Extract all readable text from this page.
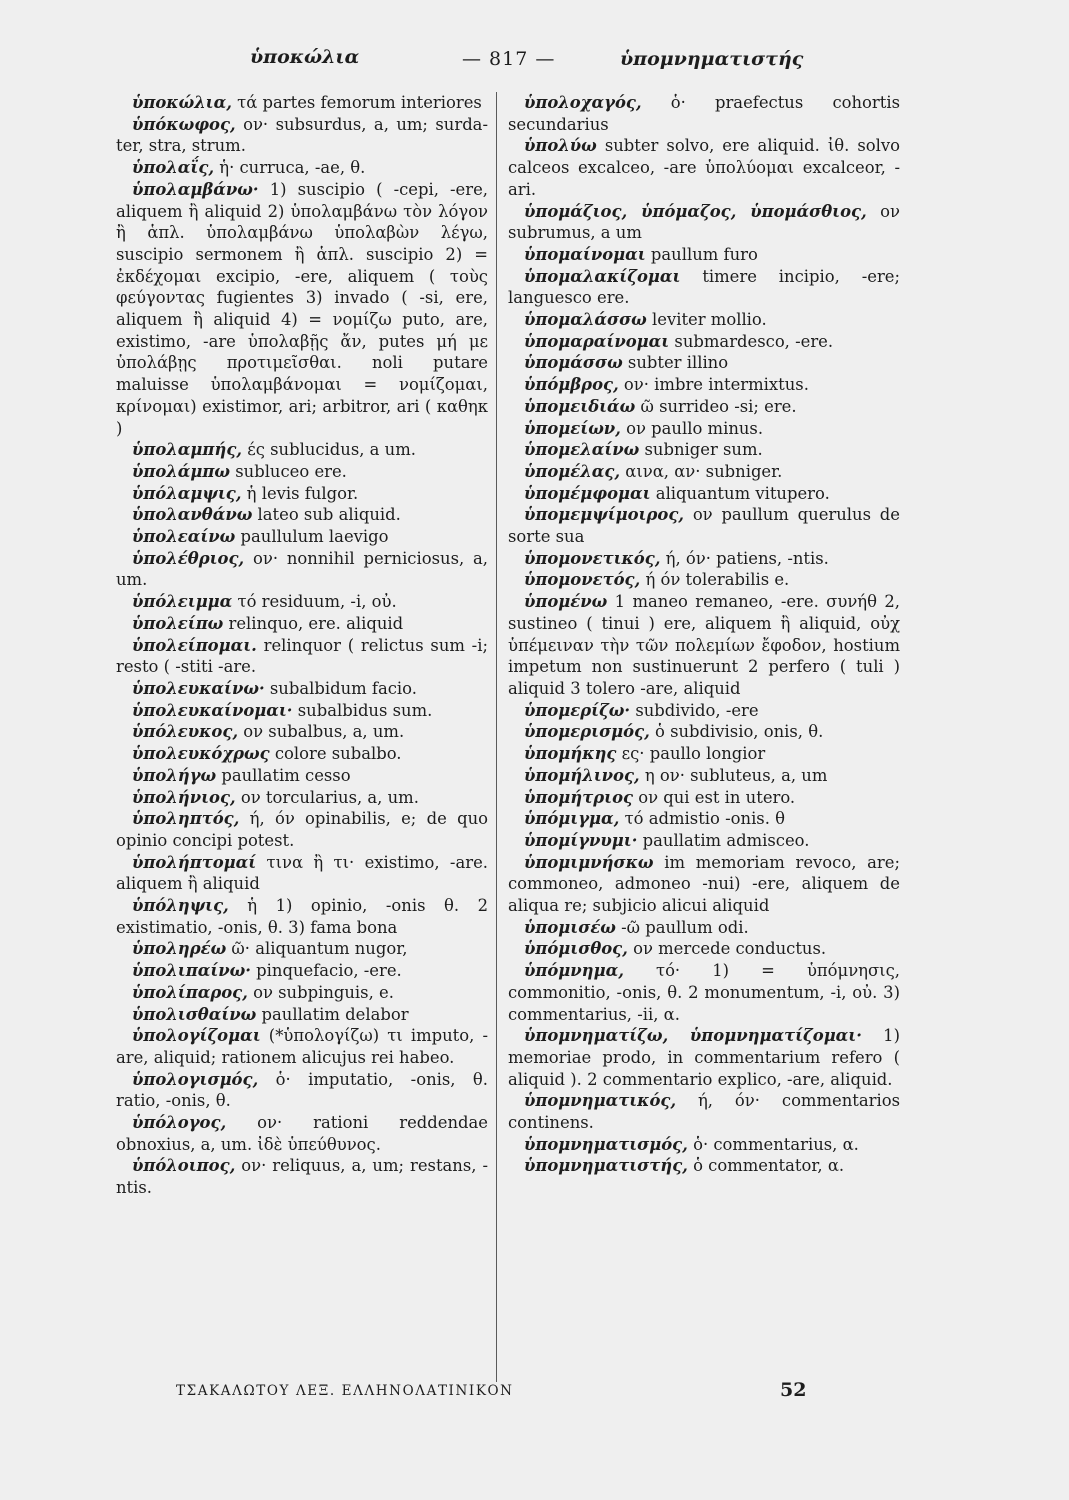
ὑποκώλια	— 817 —	ὑπομνηματιστής
ὑποκώλια, τά partes femorum interiores
ὑπόκωφος, ον· subsurdus, a, um; surda-ter, stra, strum.
ὑπολαΐς, ἡ· curruca, -ae, θ.
ὑπολαμβάνω· 1) suscipio ( -cepi, -ere, aliquem ἢ aliquid 2) ὑπολαμβάνω τὸν λόγον ἢ ἁπλ. ὑπολαμβάνω ὑπολαβὼν λέγω, suscipio sermonem ἢ ἁπλ. suscipio 2) = ἐκδέχομαι excipio, -ere, aliquem ( τοὺς φεύγοντας fugientes 3) invado ( -si, ere, aliquem ἢ aliquid 4) = νομίζω puto, are, existimo, -are ὑπολαβῇς ἄν, putes μή με ὑπολάβῃς πρoτιμεῖσθαι. noli putare maluisse ὑπολαμβάνομαι = νομίζομαι, κρίνομαι) existimor, ari; arbitror, ari ( καθηκ )
ὑπολαμπής, ές sublucidus, a um.
ὑπολάμπω subluceo ere.
ὑπόλαμψις, ἡ levis fulgor.
ὑπολανθάνω lateo sub aliquid.
ὑπολεαίνω paullulum laevigo
ὑπολέθριος, ον· nonnihil perniciosus, a, um.
ὑπόλειμμα τό residuum, -i, οὐ.
ὑπολείπω relinquo, ere. aliquid
ὑπολείπομαι. relinquor ( relictus sum -i; resto ( -stiti -are.
ὑπολευκαίνω· subalbidum facio.
ὑπολευκαίνομαι· subalbidus sum.
ὑπόλευκος, ον subalbus, a, um.
ὑπολευκόχρως colore subalbo.
ὑπολήγω paullatim cesso
ὑπολήνιος, ον torcularius, a, um.
ὑποληπτός, ή, όν opinabilis, e; de quo opinio concipi potest.
ὑπολήπτομαί τινα ἢ τι· existimo, -are. aliquem ἢ aliquid
ὑπόληψις, ἡ 1) opinio, -onis θ. 2 existimatio, -onis, θ. 3) fama bona
ὑποληρέω ῶ· aliquantum nugor,
ὑπολιπαίνω· pinquefacio, -ere.
ὑπολίπαρος, ον subpinguis, e.
ὑπολισθαίνω paullatim delabor
ὑπολογίζομαι (*ὑπολογίζω) τι imputo, -are, aliquid; rationem alicujus rei habeo.
ὑπολογισμός, ὁ· imputatio, -onis, θ. ratio, -onis, θ.
ὑπόλογος, ον· rationi reddendae obnoxius, a, um. ἰδὲ ὑπεύθυνος.
ὑπόλοιπος, ον· reliquus, a, um; restans, -ntis.
ὑπολοχαγός, ὁ· praefectus cohortis secundarius
ὑπολύω subter solvo, ere aliquid. ἰθ. solvo calceos excalceo, -are ὑπολύομαι excalceor, -ari.
ὑπομάζιος, ὑπόμαζος, ὑπομάσθιος, ον subrumus, a um
ὑπομαίνομαι paullum furo
ὑπομαλακίζομαι timere incipio, -ere; languesco ere.
ὑπομαλάσσω leviter mollio.
ὑπομαραίνομαι submardesco, -ere.
ὑπομάσσω subter illino
ὑπόμβρος, ον· imbre intermixtus.
ὑπομειδιάω ῶ surrideo -si; ere.
ὑπομείων, ον paullo minus.
ὑπομελαίνω subniger sum.
ὑπομέλας, αινα, αν· subniger.
ὑπομέμφομαι aliquantum vitupero.
ὑπομεμψίμοιρος, ον paullum querulus de sorte sua
ὑπομονετικός, ή, όν· patiens, -ntis.
ὑπομονετός, ή όν tolerabilis e.
ὑπομένω 1 maneo remaneo, -ere. συνήθ 2, sustineo ( tinui ) ere, aliquem ἢ aliquid, οὐχ ὑπέμειναν τὴν τῶν πολεμίων ἔφοδον, hostium impetum non sustinuerunt 2 perfero ( tuli ) aliquid 3 tolero -are, aliquid
ὑπομερίζω· subdivido, -ere
ὑπομερισμός, ὁ subdivisio, onis, θ.
ὑπομήκης ες· paullo longior
ὑπομήλινος, η ον· subluteus, a, um
ὑπομήτριος ον qui est in utero.
ὑπόμιγμα, τό admistio -onis. θ
ὑπομίγνυμι· paullatim admisceo.
ὑπομιμνήσκω im memoriam revoco, are; commoneo, admoneo -nui) -ere, aliquem de aliqua re; subjicio alicui aliquid
ὑπομισέω -ῶ paullum odi.
ὑπόμισθος, ον mercede conductus.
ὑπόμνημα, τό· 1) = ὑπόμνησις, commonitio, -onis, θ. 2 monumentum, -i, οὐ. 3) commentarius, -ii, α.
ὑπομνηματίζω, ὑπομνηματίζομαι· 1) memoriae prodo, in commentarium refero ( aliquid ). 2 commentario explico, -are, aliquid.
ὑπομνηματικός, ή, όν· commentarios continens.
ὑπομνηματισμός, ὁ· commentarius, α.
ὑπομνηματιστής, ὁ commentator, α.
ΤΣΑΚΑΛΩΤΟΥ ΛΕΞ. ΕΛΛΗΝΟΛΑΤΙΝΙΚΟΝ	52
